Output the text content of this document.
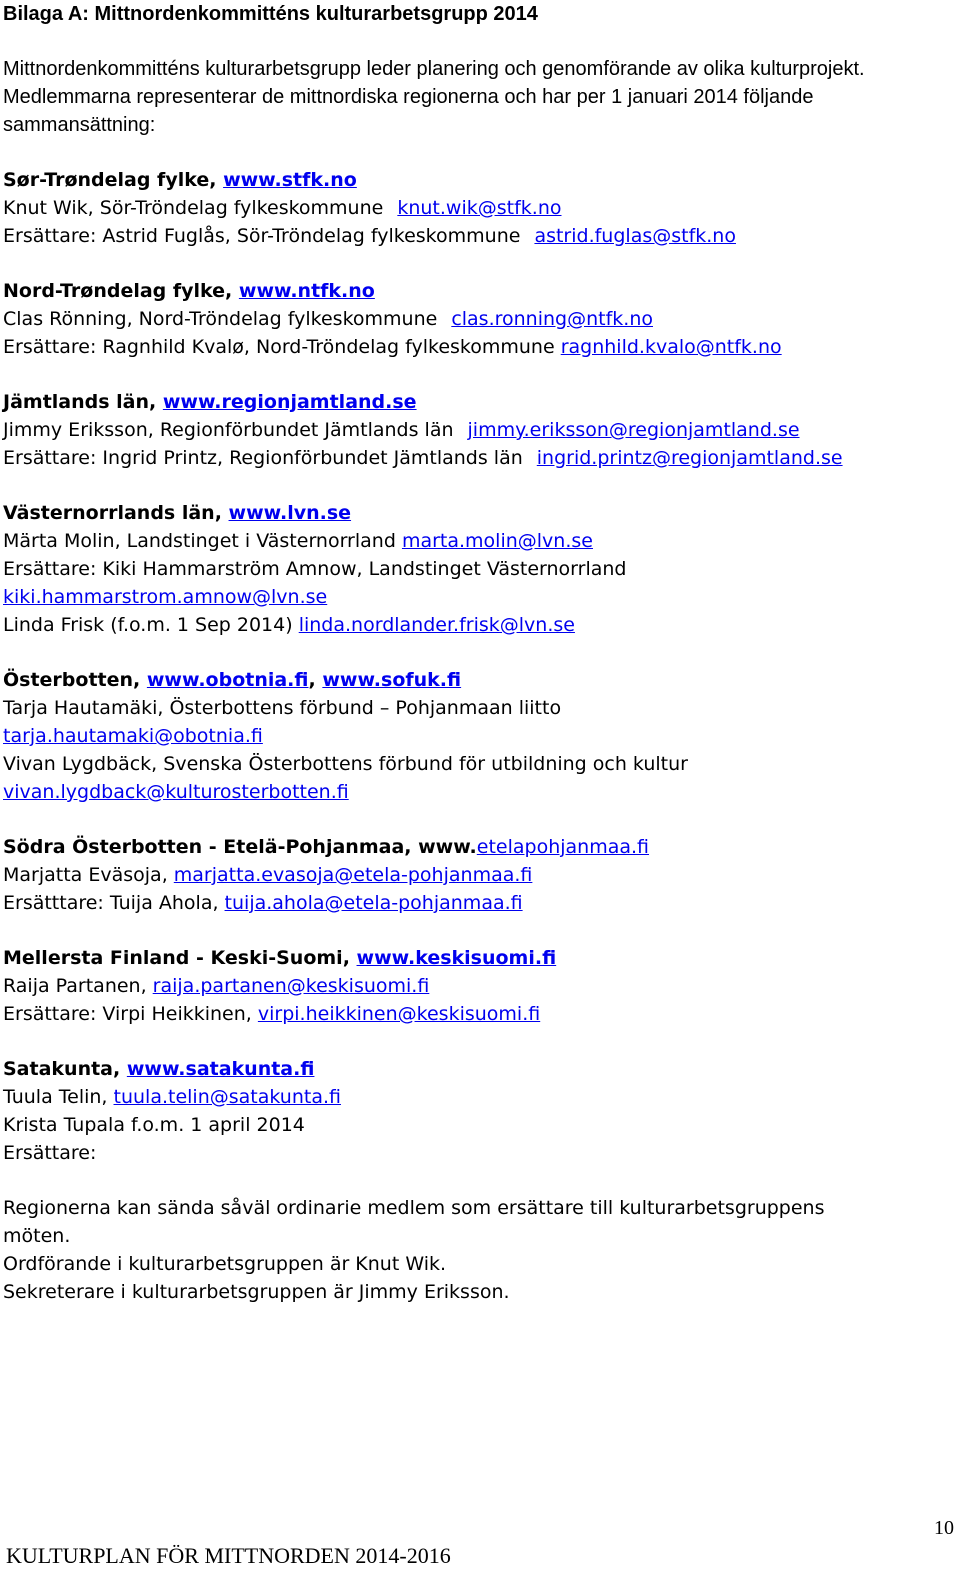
Bilaga A: Mittnordenkommitténs kulturarbetsgrupp 2014

Mittnordenkommitténs kulturarbetsgrupp leder planering och genomförande av olika kulturprojekt. Medlemmarna representerar de mittnordiska regionerna och har per 1 januari 2014 följande sammansättning:

Sør-Trøndelag fylke, www.stfk.no
Knut Wik, Sör-Tröndelag fylkeskommune knut.wik@stfk.no
Ersättare: Astrid Fuglås, Sör-Tröndelag fylkeskommune astrid.fuglas@stfk.no
Nord-Trøndelag fylke, www.ntfk.no
Clas Rönning, Nord-Tröndelag fylkeskommune clas.ronning@ntfk.no
Ersättare: Ragnhild Kvalø, Nord-Tröndelag fylkeskommune ragnhild.kvalo@ntfk.no
Jämtlands län, www.regionjamtland.se
Jimmy Eriksson, Regionförbundet Jämtlands län jimmy.eriksson@regionjamtland.se
Ersättare: Ingrid Printz, Regionförbundet Jämtlands län ingrid.printz@regionjamtland.se
Västernorrlands län, www.lvn.se
Märta Molin, Landstinget i Västernorrland marta.molin@lvn.se
Ersättare: Kiki Hammarström Amnow, Landstinget Västernorrland
kiki.hammarstrom.amnow@lvn.se
Linda Frisk (f.o.m. 1 Sep 2014) linda.nordlander.frisk@lvn.se
Österbotten, www.obotnia.fi, www.sofuk.fi
Tarja Hautamäki, Österbottens förbund – Pohjanmaan liitto
tarja.hautamaki@obotnia.fi
Vivan Lygdbäck, Svenska Österbottens förbund för utbildning och kultur
vivan.lygdback@kulturosterbotten.fi
Södra Österbotten - Etelä-Pohjanmaa, www.etelapohjanmaa.fi
Marjatta Eväsoja, marjatta.evasoja@etela-pohjanmaa.fi
Ersätttare: Tuija Ahola, tuija.ahola@etela-pohjanmaa.fi
Mellersta Finland - Keski-Suomi, www.keskisuomi.fi
Raija Partanen, raija.partanen@keskisuomi.fi
Ersättare: Virpi Heikkinen, virpi.heikkinen@keskisuomi.fi
Satakunta, www.satakunta.fi
Tuula Telin, tuula.telin@satakunta.fi
Krista Tupala f.o.m. 1 april 2014
Ersättare:
Regionerna kan sända såväl ordinarie medlem som ersättare till kulturarbetsgruppens
möten.
Ordförande i kulturarbetsgruppen är Knut Wik.
Sekreterare i kulturarbetsgruppen är Jimmy Eriksson.
10
KULTURPLAN FÖR MITTNORDEN 2014-2016
